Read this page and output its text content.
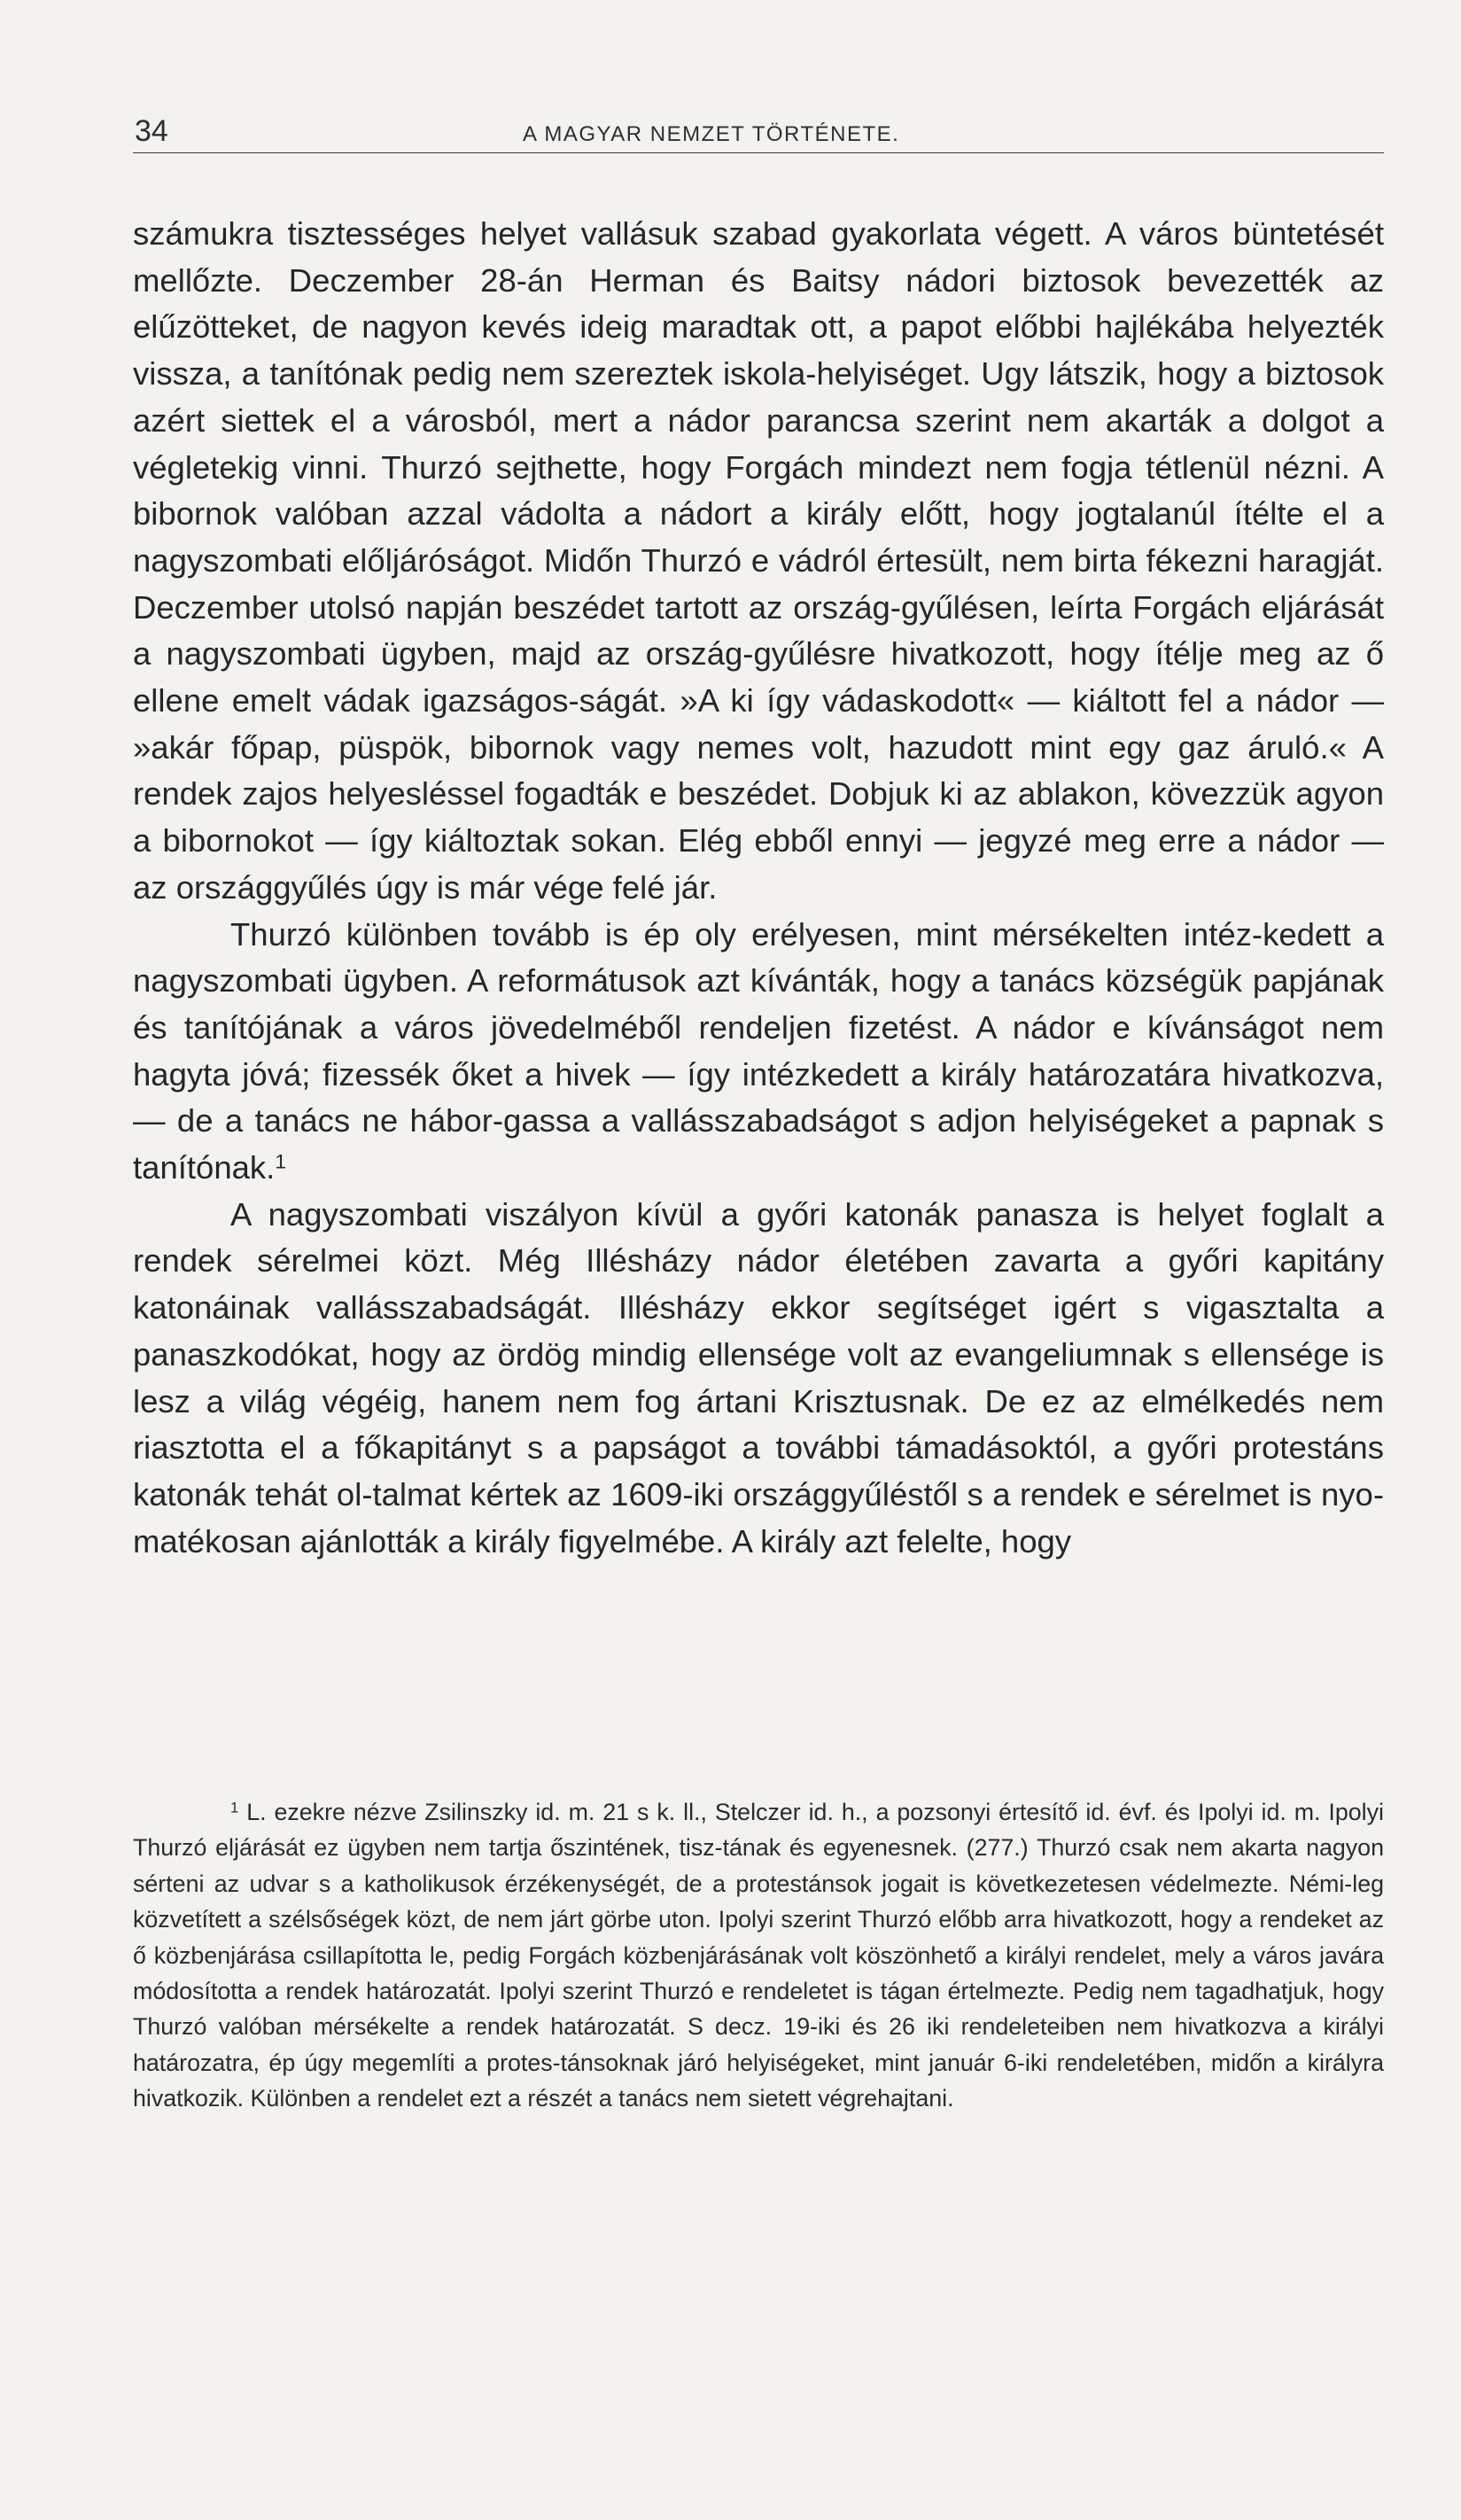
34	A MAGYAR NEMZET TÖRTÉNETE.

számukra tisztességes helyet vallásuk szabad gyakorlata végett. A város büntetését mellőzte. Deczember 28-án Herman és Baitsy nádori biztosok bevezették az elűzötteket, de nagyon kevés ideig maradtak ott, a papot előbbi hajlékába helyezték vissza, a tanítónak pedig nem szereztek iskola-helyiséget. Ugy látszik, hogy a biztosok azért siettek el a városból, mert a nádor parancsa szerint nem akarták a dolgot a végletekig vinni. Thurzó sejthette, hogy Forgách mindezt nem fogja tétlenül nézni. A bibornok valóban azzal vádolta a nádort a király előtt, hogy jogtalanúl ítélte el a nagyszombati előljáróságot. Midőn Thurzó e vádról értesült, nem birta fékezni haragját. Deczember utolsó napján beszédet tartott az ország-gyűlésen, leírta Forgách eljárását a nagyszombati ügyben, majd az ország-gyűlésre hivatkozott, hogy ítélje meg az ő ellene emelt vádak igazságos-ságát. »A ki így vádaskodott« — kiáltott fel a nádor — »akár főpap, püspök, bibornok vagy nemes volt, hazudott mint egy gaz áruló.« A rendek zajos helyesléssel fogadták e beszédet. Dobjuk ki az ablakon, kövezzük agyon a bibornokot — így kiáltoztak sokan. Elég ebből ennyi — jegyzé meg erre a nádor — az országgyűlés úgy is már vége felé jár.

Thurzó különben tovább is ép oly erélyesen, mint mérsékelten intéz-kedett a nagyszombati ügyben. A reformátusok azt kívánták, hogy a tanács községük papjának és tanítójának a város jövedelméből rendeljen fizetést. A nádor e kívánságot nem hagyta jóvá; fizessék őket a hivek — így intézkedett a király határozatára hivatkozva, — de a tanács ne hábor-gassa a vallásszabadságot s adjon helyiségeket a papnak s tanítónak.$^1$

A nagyszombati viszályon kívül a győri katonák panasza is helyet foglalt a rendek sérelmei közt. Még Illésházy nádor életében zavarta a győri kapitány katonáinak vallásszabadságát. Illésházy ekkor segítséget igért s vigasztalta a panaszkodókat, hogy az ördög mindig ellensége volt az evangeliumnak s ellensége is lesz a világ végéig, hanem nem fog ártani Krisztusnak. De ez az elmélkedés nem riasztotta el a főkapitányt s a papságot a további támadásoktól, a győri protestáns katonák tehát ol-talmat kértek az 1609-iki országgyűléstől s a rendek e sérelmet is nyo-matékosan ajánlották a király figyelmébe. A király azt felelte, hogy

$^1$ L. ezekre nézve Zsilinszky id. m. 21 s k. ll., Stelczer id. h., a pozsonyi értesítő id. évf. és Ipolyi id. m. Ipolyi Thurzó eljárását ez ügyben nem tartja őszintének, tisz-tának és egyenesnek. (277.) Thurzó csak nem akarta nagyon sérteni az udvar s a katholikusok érzékenységét, de a protestánsok jogait is következetesen védelmezte. Némi-leg közvetített a szélsőségek közt, de nem járt görbe uton. Ipolyi szerint Thurzó előbb arra hivatkozott, hogy a rendeket az ő közbenjárása csillapította le, pedig Forgách közbenjárásának volt köszönhető a királyi rendelet, mely a város javára módosította a rendek határozatát. Ipolyi szerint Thurzó e rendeletet is tágan értelmezte. Pedig nem tagadhatjuk, hogy Thurzó valóban mérsékelte a rendek határozatát. S decz. 19-iki és 26 iki rendeleteiben nem hivatkozva a királyi határozatra, ép úgy megemlíti a protes-tánsoknak járó helyiségeket, mint január 6-iki rendeletében, midőn a királyra hivatkozik. Különben a rendelet ezt a részét a tanács nem sietett végrehajtani.
